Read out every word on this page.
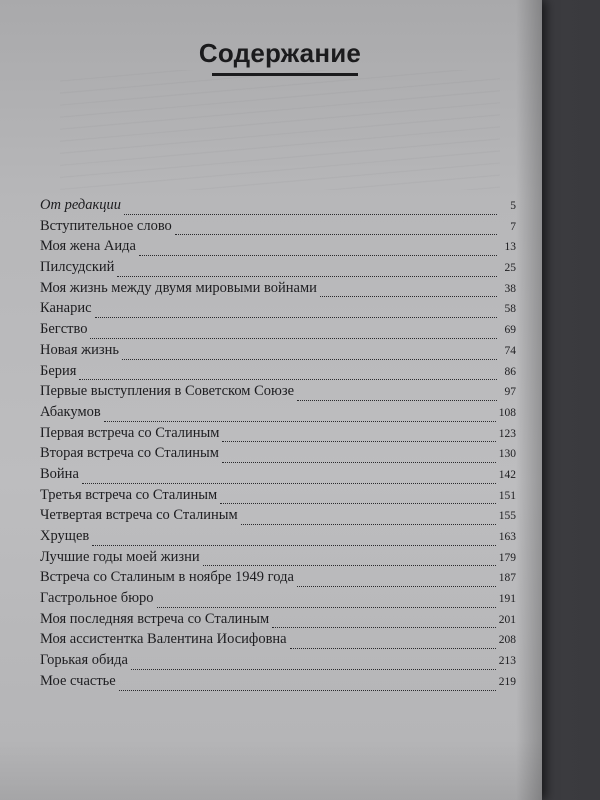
Содержание
От редакции	5
Вступительное слово	7
Моя жена Аида	13
Пилсудский	25
Моя жизнь между двумя мировыми войнами	38
Канарис	58
Бегство	69
Новая жизнь	74
Берия	86
Первые выступления в Советском Союзе	97
Абакумов	108
Первая встреча со Сталиным	123
Вторая встреча со Сталиным	130
Война	142
Третья встреча со Сталиным	151
Четвертая встреча со Сталиным	155
Хрущев	163
Лучшие годы моей жизни	179
Встреча со Сталиным в ноябре 1949 года	187
Гастрольное бюро	191
Моя последняя встреча со Сталиным	201
Моя ассистентка Валентина Иосифовна	208
Горькая обида	213
Мое счастье	219
